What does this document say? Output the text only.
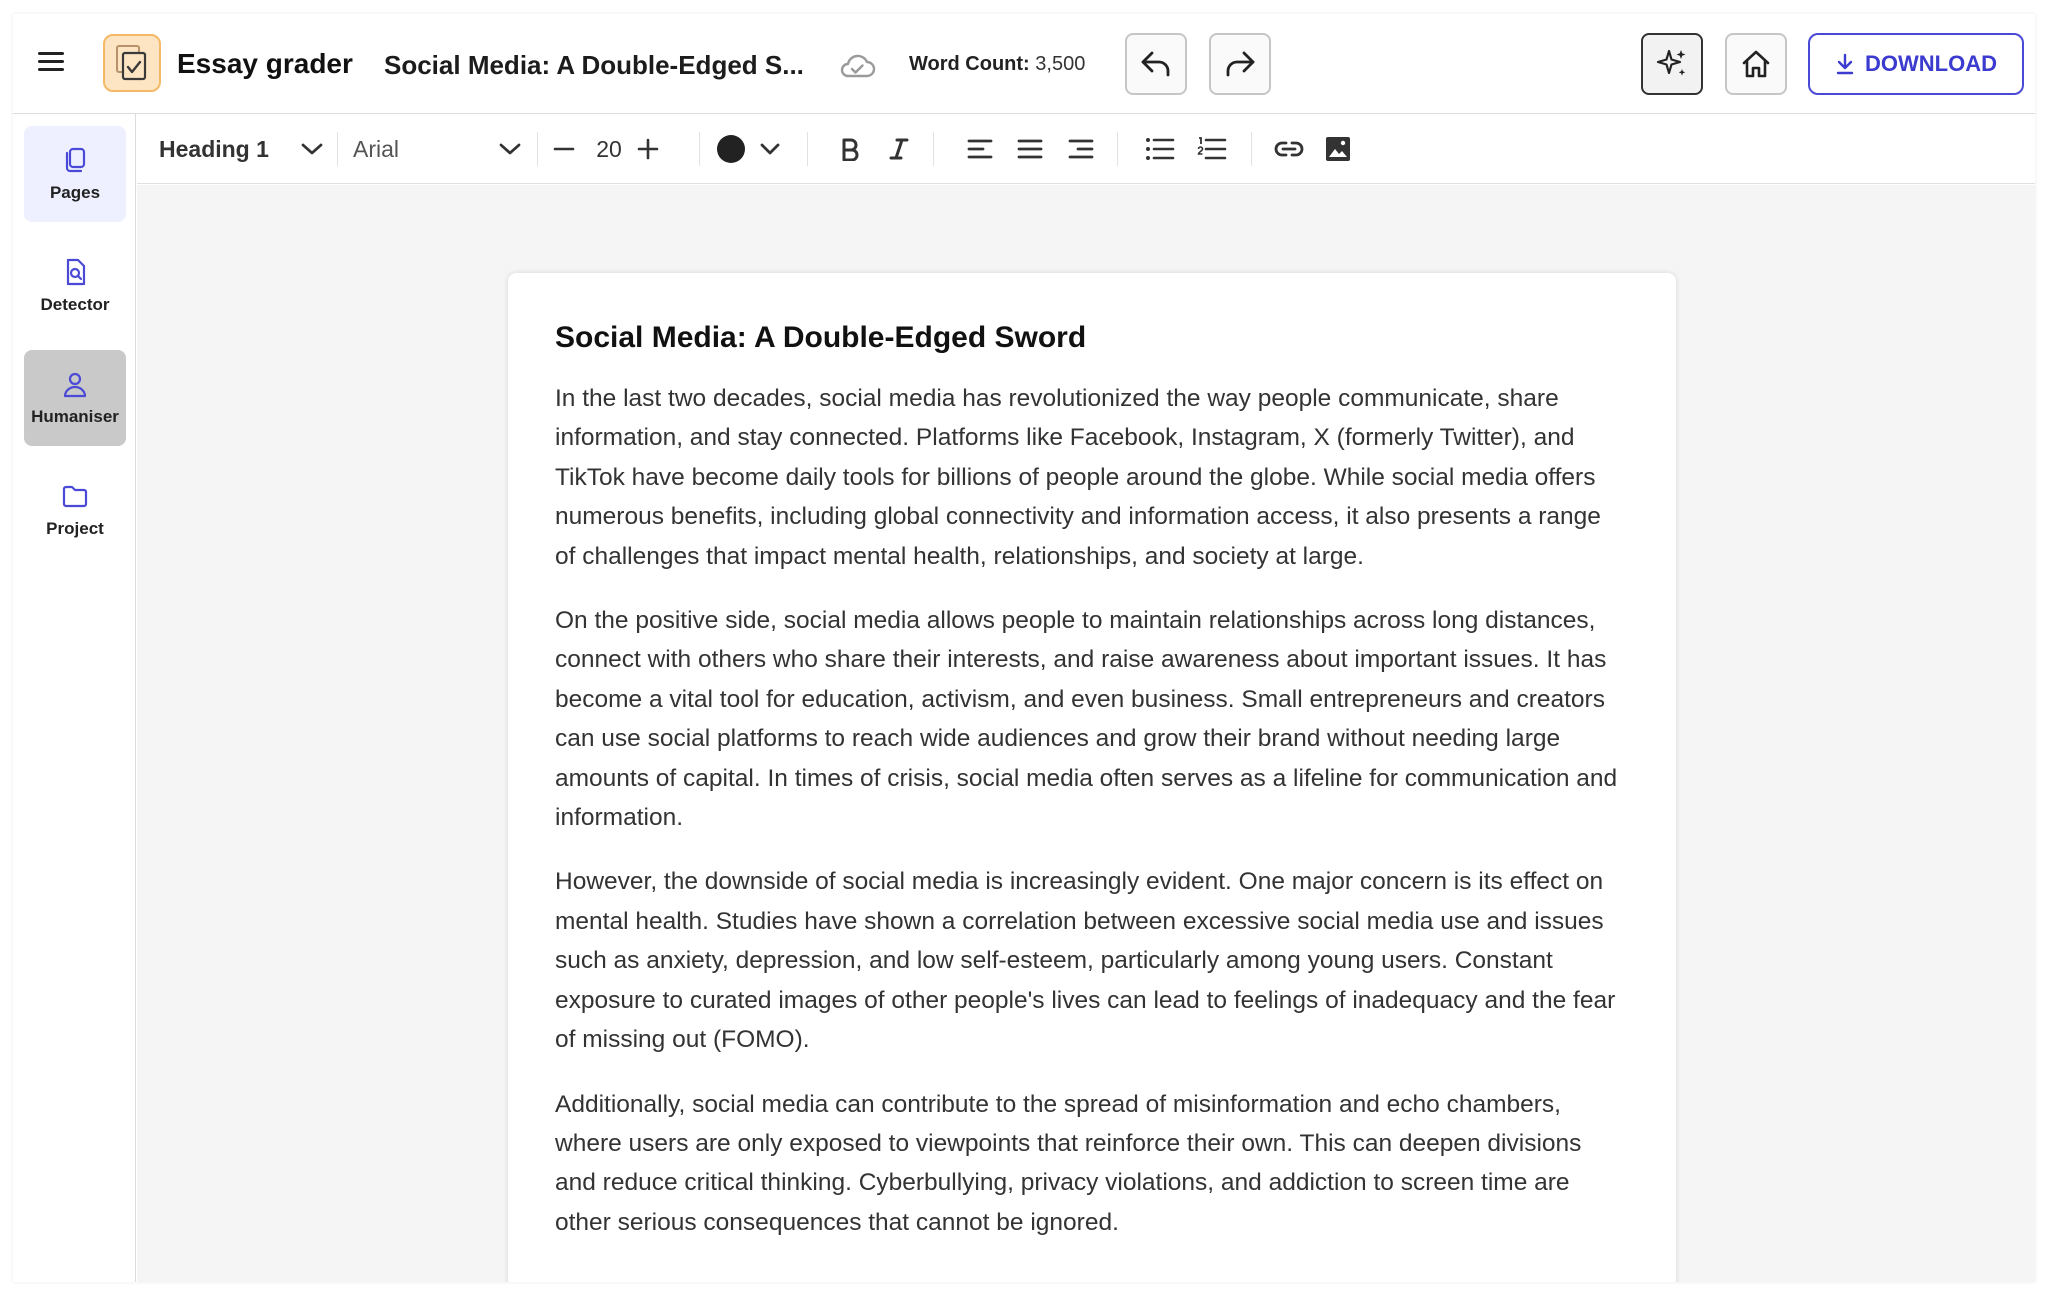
Essay grader Social Media: A Double-Edged S...	Word Count: 3,500	DOWNLOAD
Pages
Detector
Humaniser
Project
Heading 1	Arial	20
Social Media: A Double-Edged Sword

In the last two decades, social media has revolutionized the way people communicate, share information, and stay connected. Platforms like Facebook, Instagram, X (formerly Twitter), and TikTok have become daily tools for billions of people around the globe. While social media offers numerous benefits, including global connectivity and information access, it also presents a range of challenges that impact mental health, relationships, and society at large.

On the positive side, social media allows people to maintain relationships across long distances, connect with others who share their interests, and raise awareness about important issues. It has become a vital tool for education, activism, and even business. Small entrepreneurs and creators can use social platforms to reach wide audiences and grow their brand without needing large amounts of capital. In times of crisis, social media often serves as a lifeline for communication and information.

However, the downside of social media is increasingly evident. One major concern is its effect on mental health. Studies have shown a correlation between excessive social media use and issues such as anxiety, depression, and low self-esteem, particularly among young users. Constant exposure to curated images of other people's lives can lead to feelings of inadequacy and the fear of missing out (FOMO).

Additionally, social media can contribute to the spread of misinformation and echo chambers, where users are only exposed to viewpoints that reinforce their own. This can deepen divisions and reduce critical thinking. Cyberbullying, privacy violations, and addiction to screen time are other serious consequences that cannot be ignored.
